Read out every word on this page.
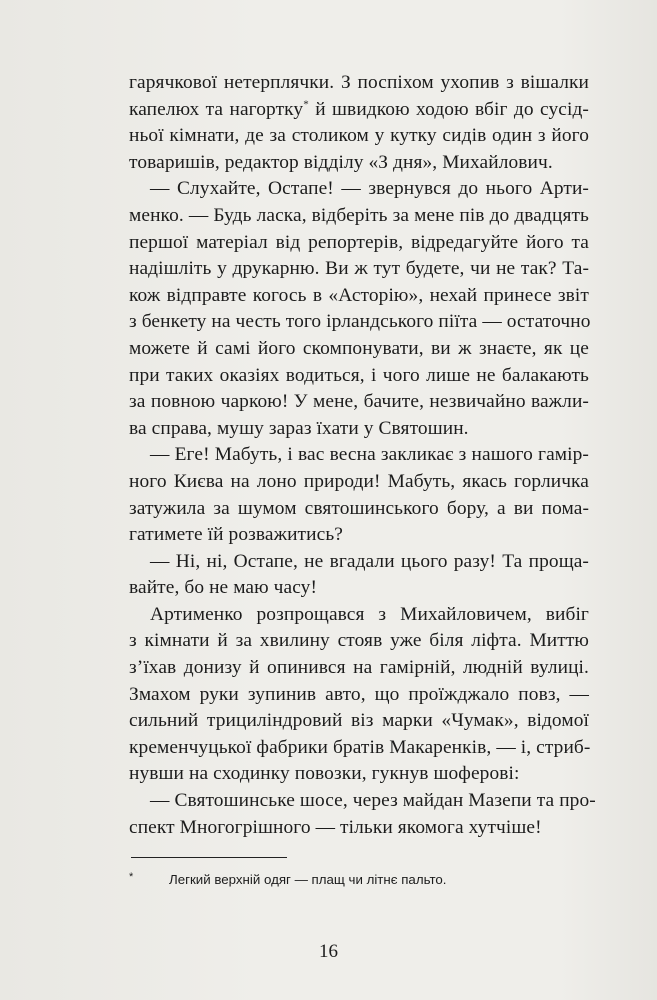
гарячкової нетерплячки. З поспіхом ухопив з вішалки
капелюх та нагортку* й швидкою ходою вбіг до сусід-
ньої кімнати, де за столиком у кутку сидів один з його
товаришів, редактор відділу «З дня», Михайлович.
— Слухайте, Остапе! — звернувся до нього Арти-
менко. — Будь ласка, відберіть за мене пів до двадцять
першої матеріал від репортерів, відредагуйте його та
надішліть у друкарню. Ви ж тут будете, чи не так? Та-
кож відправте когось в «Асторію», нехай принесе звіт
з бенкету на честь того ірландського піїта — остаточно
можете й самі його скомпонувати, ви ж знаєте, як це
при таких оказіях водиться, і чого лише не балакають
за повною чаркою! У мене, бачите, незвичайно важли-
ва справа, мушу зараз їхати у Святошин.
— Еге! Мабуть, і вас весна закликає з нашого гамір-
ного Києва на лоно природи! Мабуть, якась горличка
затужила за шумом святошинського бору, а ви пома-
гатимете їй розважитись?
— Ні, ні, Остапе, не вгадали цього разу! Та проща-
вайте, бо не маю часу!
Артименко розпрощався з Михайловичем, вибіг
з кімнати й за хвилину стояв уже біля ліфта. Миттю
з’їхав донизу й опинився на гамірній, людній вулиці.
Змахом руки зупинив авто, що проїжджало повз, —
сильний трициліндровий віз марки «Чумак», відомої
кременчуцької фабрики братів Макаренків, — і, стриб-
нувши на сходинку повозки, гукнув шоферові:
— Святошинське шосе, через майдан Мазепи та про-
спект Многогрішного — тільки якомога хутчіше!
*	Легкий верхній одяг — плащ чи літнє пальто.
16
